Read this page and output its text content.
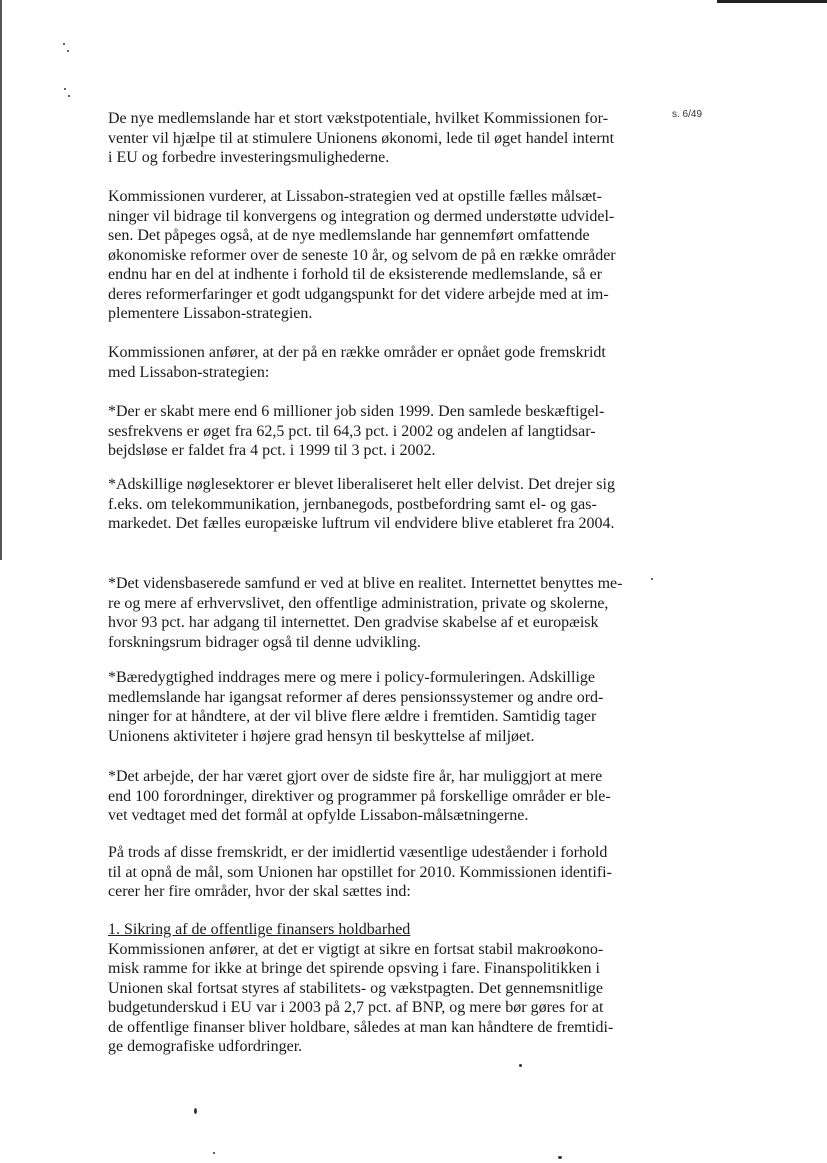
s. 6/49
De nye medlemslande har et stort vækstpotentiale, hvilket Kommissionen for-
venter vil hjælpe til at stimulere Unionens økonomi, lede til øget handel internt
i EU og forbedre investeringsmulighederne.
Kommissionen vurderer, at Lissabon-strategien ved at opstille fælles målsæt-
ninger vil bidrage til konvergens og integration og dermed understøtte udvidel-
sen. Det påpeges også, at de nye medlemslande har gennemført omfattende
økonomiske reformer over de seneste 10 år, og selvom de på en række områder
endnu har en del at indhente i forhold til de eksisterende medlemslande, så er
deres reformerfaringer et godt udgangspunkt for det videre arbejde med at im-
plementere Lissabon-strategien.
Kommissionen anfører, at der på en række områder er opnået gode fremskridt
med Lissabon-strategien:
*Der er skabt mere end 6 millioner job siden 1999. Den samlede beskæftigel-
sesfrekvens er øget fra 62,5 pct. til 64,3 pct. i 2002 og andelen af langtidsar-
bejdsløse er faldet fra 4 pct. i 1999 til 3 pct. i 2002.
*Adskillige nøglesektorer er blevet liberaliseret helt eller delvist. Det drejer sig
f.eks. om telekommunikation, jernbanegods, postbefordring samt el- og gas-
markedet. Det fælles europæiske luftrum vil endvidere blive etableret fra 2004.
*Det vidensbaserede samfund er ved at blive en realitet. Internettet benyttes me-
re og mere af erhvervslivet, den offentlige administration, private og skolerne,
hvor 93 pct. har adgang til internettet. Den gradvise skabelse af et europæisk
forskningsrum bidrager også til denne udvikling.
*Bæredygtighed inddrages mere og mere i policy-formuleringen. Adskillige
medlemslande har igangsat reformer af deres pensionssystemer og andre ord-
ninger for at håndtere, at der vil blive flere ældre i fremtiden. Samtidig tager
Unionens aktiviteter i højere grad hensyn til beskyttelse af miljøet.
*Det arbejde, der har været gjort over de sidste fire år, har muliggjort at mere
end 100 forordninger, direktiver og programmer på forskellige områder er ble-
vet vedtaget med det formål at opfylde Lissabon-målsætningerne.
På trods af disse fremskridt, er der imidlertid væsentlige udeståender i forhold
til at opnå de mål, som Unionen har opstillet for 2010. Kommissionen identifi-
cerer her fire områder, hvor der skal sættes ind:
1. Sikring af de offentlige finansers holdbarhed
Kommissionen anfører, at det er vigtigt at sikre en fortsat stabil makroøkono-
misk ramme for ikke at bringe det spirende opsving i fare. Finanspolitikken i
Unionen skal fortsat styres af stabilitets- og vækstpagten. Det gennemsnitlige
budgetunderskud i EU var i 2003 på 2,7 pct. af BNP, og mere bør gøres for at
de offentlige finanser bliver holdbare, således at man kan håndtere de fremtidi-
ge demografiske udfordringer.
